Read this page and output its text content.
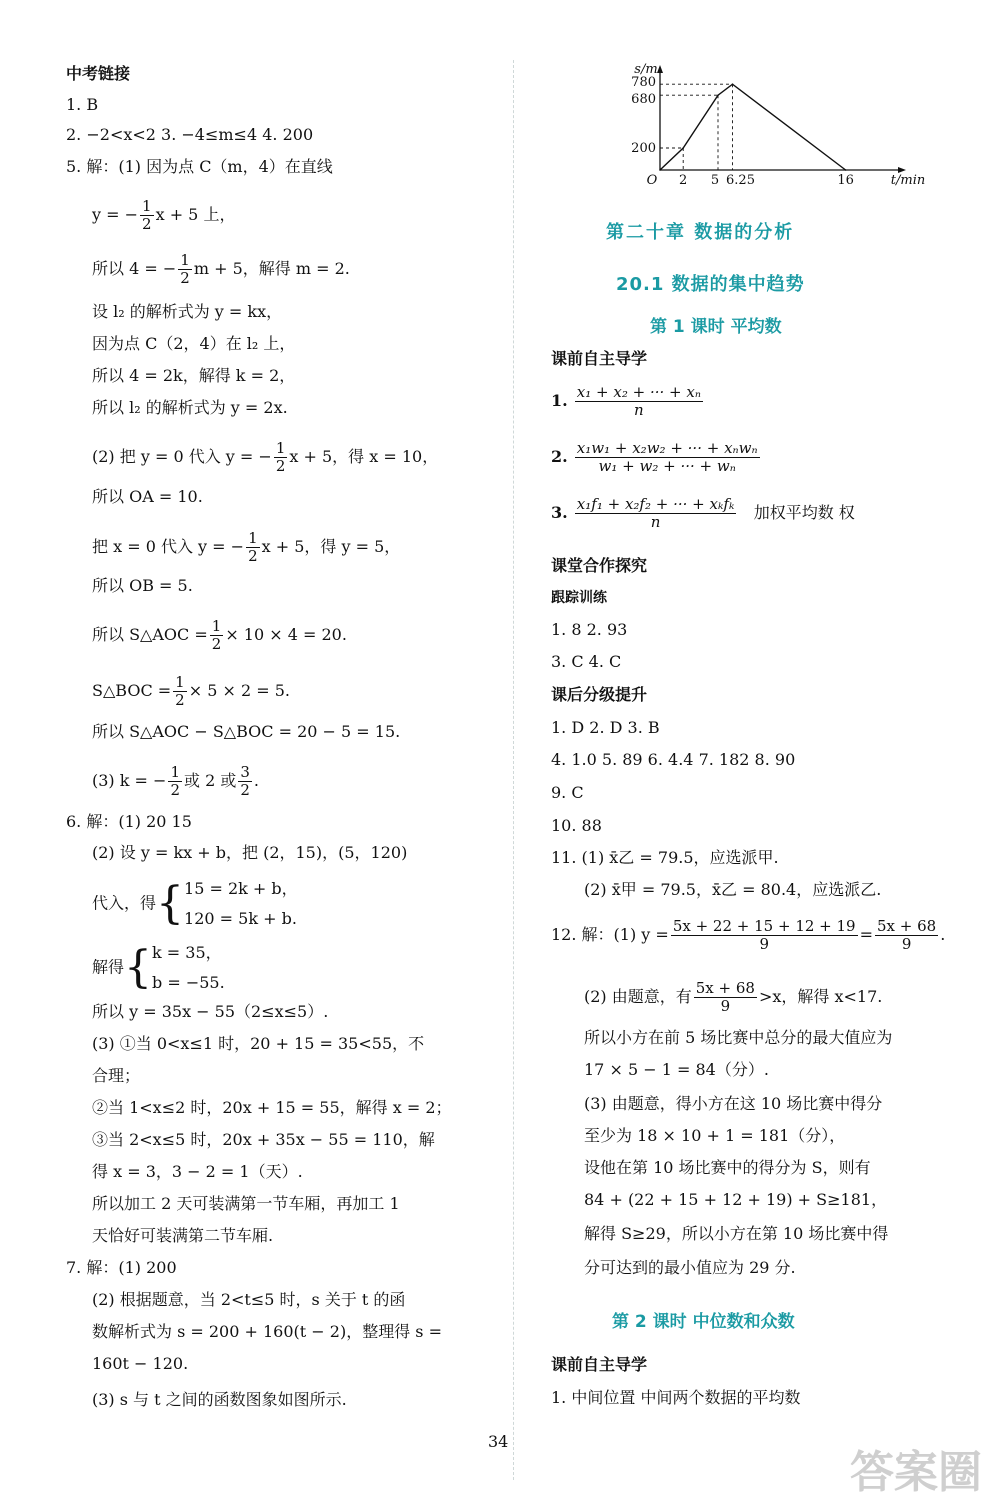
中考链接
1. B
2. −2<x<2 3. −4≤m≤4 4. 200
5. 解：(1) 因为点 C（m，4）在直线
y = − $\frac{1}{2}$ x + 5 上，
所以 4 = − $\frac{1}{2}$ m + 5，解得 m = 2.
设 l₂ 的解析式为 y = kx，
因为点 C（2，4）在 l₂ 上，
所以 4 = 2k，解得 k = 2，
所以 l₂ 的解析式为 y = 2x.
(2) 把 y = 0 代入 y = − $\frac{1}{2}$ x + 5，得 x = 10，
所以 OA = 10.
把 x = 0 代入 y = − $\frac{1}{2}$ x + 5，得 y = 5，
所以 OB = 5.
所以 S△AOC = $\frac{1}{2} \times 10 \times 4 = 20$.
S△BOC = $\frac{1}{2} \times 5 \times 2 = 5$.
所以 S△AOC − S△BOC = 20 − 5 = 15.
(3) k = − $\frac{1}{2}$ 或 2 或 $\frac{3}{2}$ .
6. 解：(1) 20 15
(2) 设 y = kx + b，把 (2，15)，(5，120)
代入，得{ 15 = 2k + b，
120 = 5k + b.
解得{ k = 35，
b = −55.
所以 y = 35x − 55（2≤x≤5）.
(3) ①当 0<x≤1 时，20 + 15 = 35<55，不
合理；
②当 1<x≤2 时，20x + 15 = 55，解得 x = 2；
③当 2<x≤5 时，20x + 35x − 55 = 110，解
得 x = 3，3 − 2 = 1（天）.
所以加工 2 天可装满第一节车厢，再加工 1
天恰好可装满第二节车厢.
7. 解：(1) 200
(2) 根据题意，当 2<t≤5 时，s 关于 t 的函
数解析式为 s = 200 + 160(t − 2)，整理得 s =
160t − 120.
(3) s 与 t 之间的函数图象如图所示.
2 5 6.25	16
200
680
780
O	t/min
s/m
第二十章 数据的分析
20.1 数据的集中趋势
第 1 课时 平均数
课前自主导学
1. $\frac{\text{x₁ + x₂ + ··· + xₙ}}{n}$
2. $\frac{\text{x₁w₁ + x₂w₂ + ··· + xₙwₙ}}{\text{w₁ + w₂ + ··· + wₙ}}$
3. $\frac{\text{x₁f₁ + x₂f₂ + ··· + xₖfₖ}}{n}$ 加权平均数 权
课堂合作探究
跟踪训练
1. 8 2. 93
3. C 4. C
课后分级提升
1. D 2. D 3. B
4. 1.0 5. 89 6. 4.4 7. 182 8. 90
9. C
10. 88
11. (1) x̄乙 = 79.5，应选派甲.
(2) x̄甲 = 79.5，x̄乙 = 80.4，应选派乙.
12. 解：(1) $y = \frac{5x + 22 + 15 + 12 + 19}{9} = \frac{5x + 68}{9}$ .
(2) 由题意，有 $\frac{5x + 68}{9} >x$，解得 x<17.
所以小方在前 5 场比赛中总分的最大值应为
17 × 5 − 1 = 84（分）.
(3) 由题意，得小方在这 10 场比赛中得分
至少为 18 × 10 + 1 = 181（分），
设他在第 10 场比赛中的得分为 S，则有
84 + (22 + 15 + 12 + 19) + S≥181，
解得 S≥29，所以小方在第 10 场比赛中得
分可达到的最小值应为 29 分.
第 2 课时 中位数和众数
课前自主导学
1. 中间位置 中间两个数据的平均数
34
答案圈
